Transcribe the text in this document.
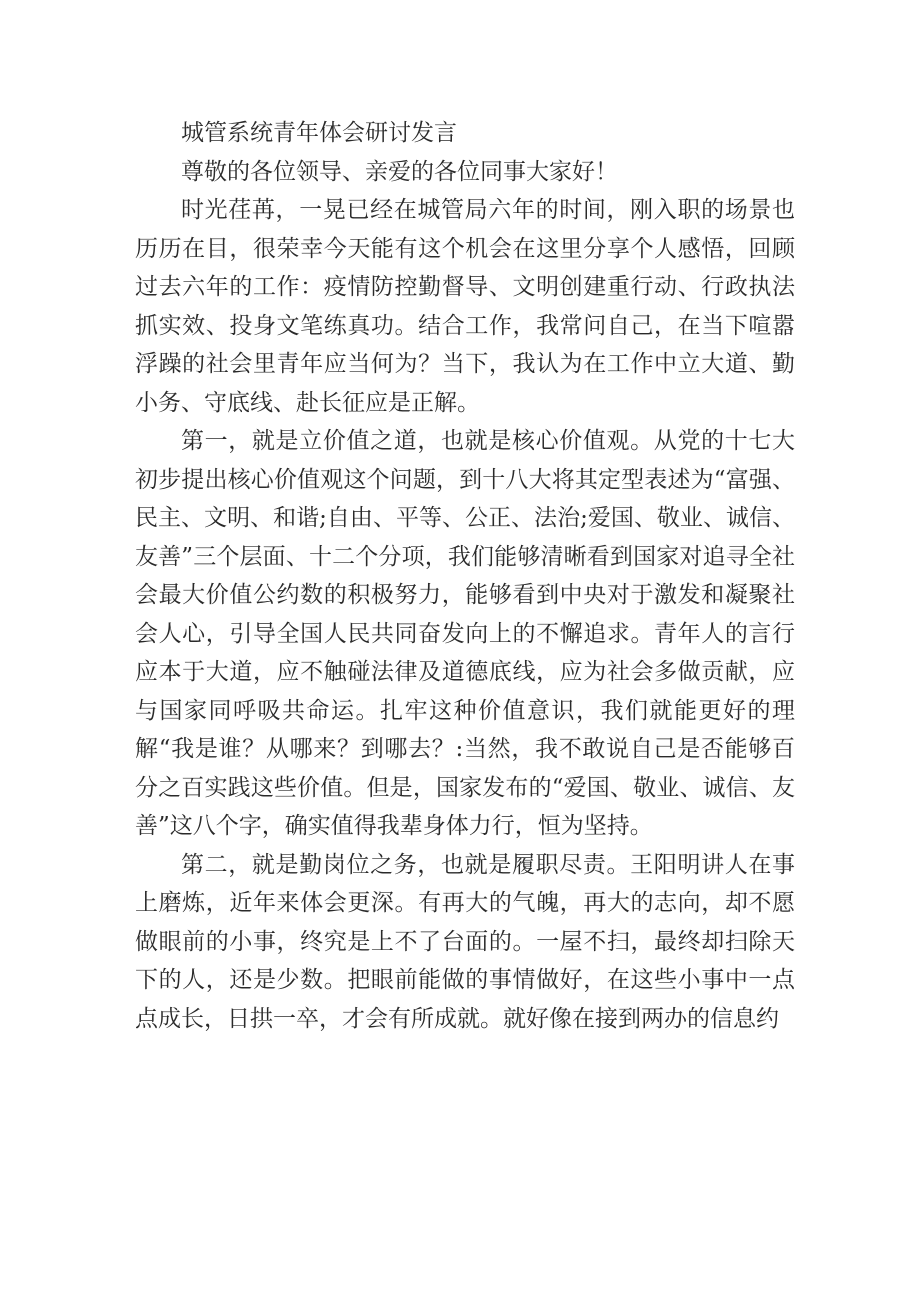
城管系统青年体会研讨发言

尊敬的各位领导、亲爱的各位同事大家好！

时光荏苒，一晃已经在城管局六年的时间，刚入职的场景也历历在目，很荣幸今天能有这个机会在这里分享个人感悟，回顾过去六年的工作：疫情防控勤督导、文明创建重行动、行政执法抓实效、投身文笔练真功。结合工作，我常问自己，在当下喧嚣浮躁的社会里青年应当何为？当下，我认为在工作中立大道、勤小务、守底线、赴长征应是正解。

第一，就是立价值之道，也就是核心价值观。从党的十七大初步提出核心价值观这个问题，到十八大将其定型表述为“富强、民主、文明、和谐;自由、平等、公正、法治;爱国、敬业、诚信、友善”三个层面、十二个分项，我们能够清晰看到国家对追寻全社会最大价值公约数的积极努力，能够看到中央对于激发和凝聚社会人心，引导全国人民共同奋发向上的不懈追求。青年人的言行应本于大道，应不触碰法律及道德底线，应为社会多做贡献，应与国家同呼吸共命运。扎牢这种价值意识，我们就能更好的理解“我是谁？从哪来？到哪去？:当然，我不敢说自己是否能够百分之百实践这些价值。但是，国家发布的“爱国、敬业、诚信、友善”这八个字，确实值得我辈身体力行，恒为坚持。

第二，就是勤岗位之务，也就是履职尽责。王阳明讲人在事上磨炼，近年来体会更深。有再大的气魄，再大的志向，却不愿做眼前的小事，终究是上不了台面的。一屋不扫，最终却扫除天下的人，还是少数。把眼前能做的事情做好，在这些小事中一点点成长，日拱一卒，才会有所成就。就好像在接到两办的信息约
